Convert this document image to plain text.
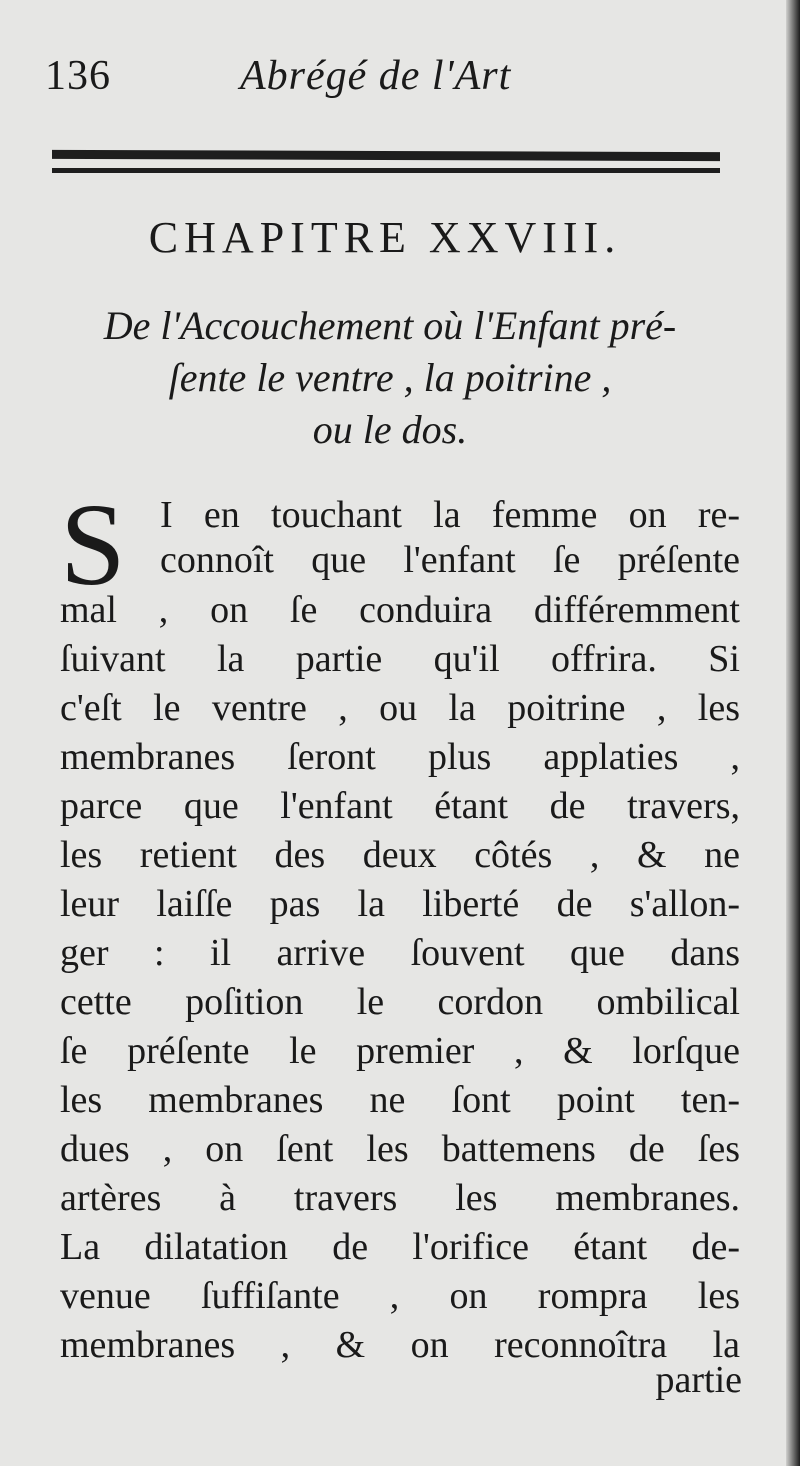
136	Abrégé de l'Art
CHAPITRE XXVIII.
De l'Accouchement où l'Enfant pré-
ſente le ventre , la poitrine ,
ou le dos.
S I en touchant la femme on re-
connoît que l'enfant ſe préſente
mal , on ſe conduira différemment
ſuivant la partie qu'il offrira. Si
c'eſt le ventre , ou la poitrine , les
membranes ſeront plus applaties ,
parce que l'enfant étant de travers,
les retient des deux côtés , & ne
leur laiſſe pas la liberté de s'allon-
ger : il arrive ſouvent que dans
cette poſition le cordon ombilical
ſe préſente le premier , & lorſque
les membranes ne ſont point ten-
dues , on ſent les battemens de ſes
artères à travers les membranes.
La dilatation de l'orifice étant de-
venue ſuffiſante , on rompra les
membranes , & on reconnoîtra la
partie
